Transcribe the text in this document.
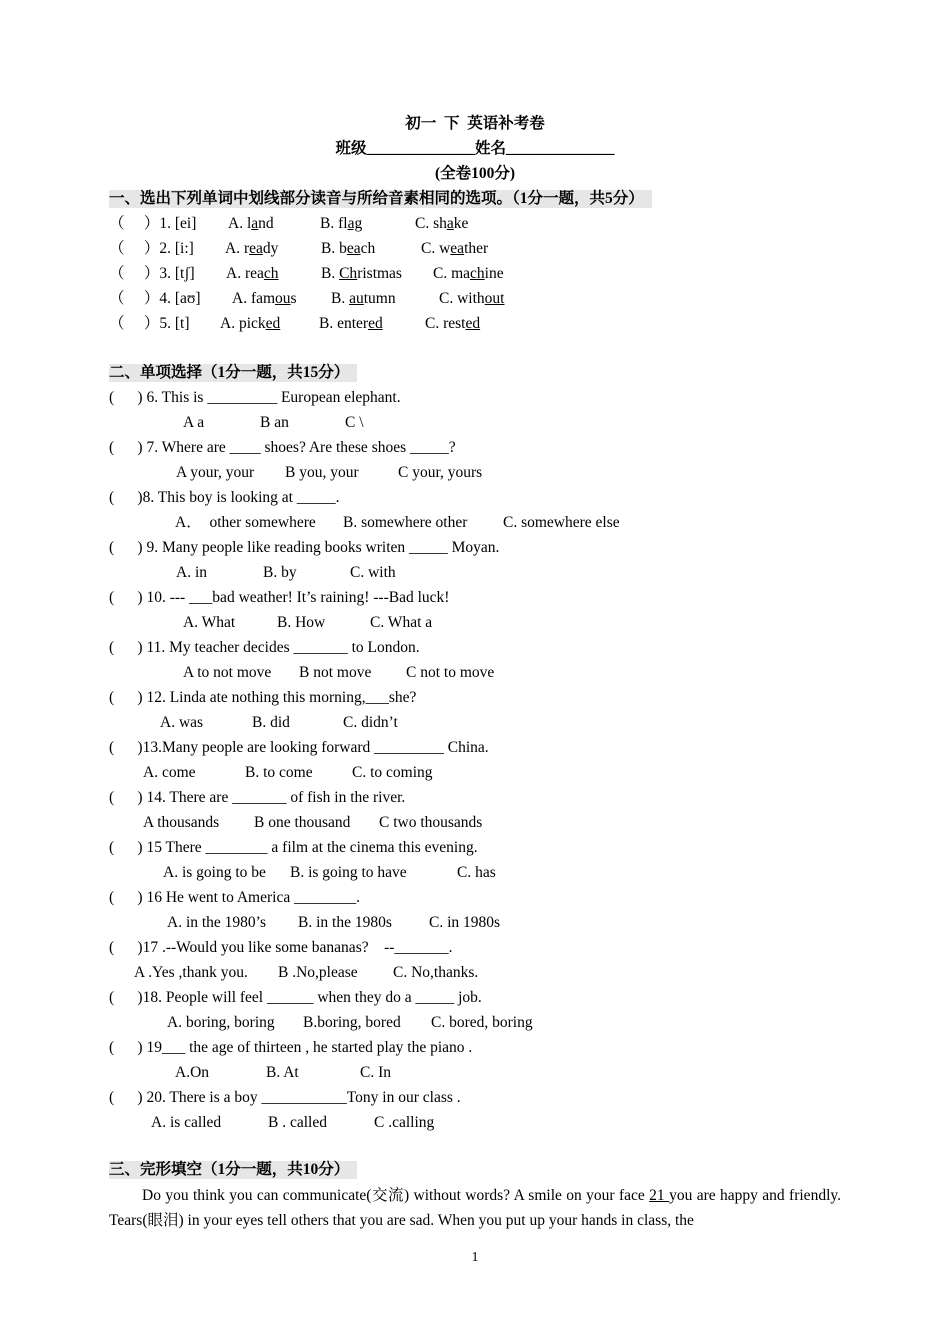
初一  下  英语补考卷
班级______________姓名______________
(全卷100分)
一、选出下列单词中划线部分读音与所给音素相同的选项。（1分一题，共5分）
（     ）1. [ei] A. land	B. flag	C. shake
（     ）2. [i:] A. ready	B. beach	C. weather
（     ）3. [tʃ] A. reach	B. Christmas C. machine
（     ）4. [aʊ] A. famous B. autumn	C. without
（     ）5. [t] A. picked B. entered	C. rested
二、单项选择（1分一题，共15分）
(      ) 6. This is _________ European elephant.
A a	B an	C \
(      ) 7. Where are ____ shoes? Are these shoes _____?
A your, your B you, your	C your, yours
(      )8. This boy is looking at _____.
A．  other somewhere B. somewhere other C. somewhere else
(      ) 9. Many people like reading books writen _____ Moyan.
A. in	B. by	C. with
(      ) 10. --- ___bad weather! It’s raining! ---Bad luck!
A. What	B. How	C. What a
(      ) 11. My teacher decides _______ to London.
A to not move B not move C not to move
(      ) 12. Linda ate nothing this morning,___she?
A. was	B. did	C. didn’t
(      )13.Many people are looking forward _________ China.
A. come	B. to come	C. to coming
(      ) 14. There are _______ of fish in the river.
A thousands B one thousand C two thousands
(      ) 15 There ________ a film at the cinema this evening.
A. is going to be B. is going to have	C. has
(      ) 16 He went to America ________.
A. in the 1980’s B. in the 1980s C. in 1980s
(      )17 .--Would you like some bananas?    --_______.
A .Yes ,thank you. B .No,please C. No,thanks.
(      )18. People will feel ______ when they do a _____ job.
A. boring, boring B.boring, bored C. bored, boring
(      ) 19___ the age of thirteen , he started play the piano .
A.On	B. At	C. In
(      ) 20. There is a boy ___________Tony in our class .
A. is called	B . called	C .calling
三、完形填空（1分一题，共10分）
Do you think you can communicate(交流) without words? A smile on your face 21 you are happy and friendly. Tears(眼泪) in your eyes tell others that you are sad. When you put up your hands in class, the
1
